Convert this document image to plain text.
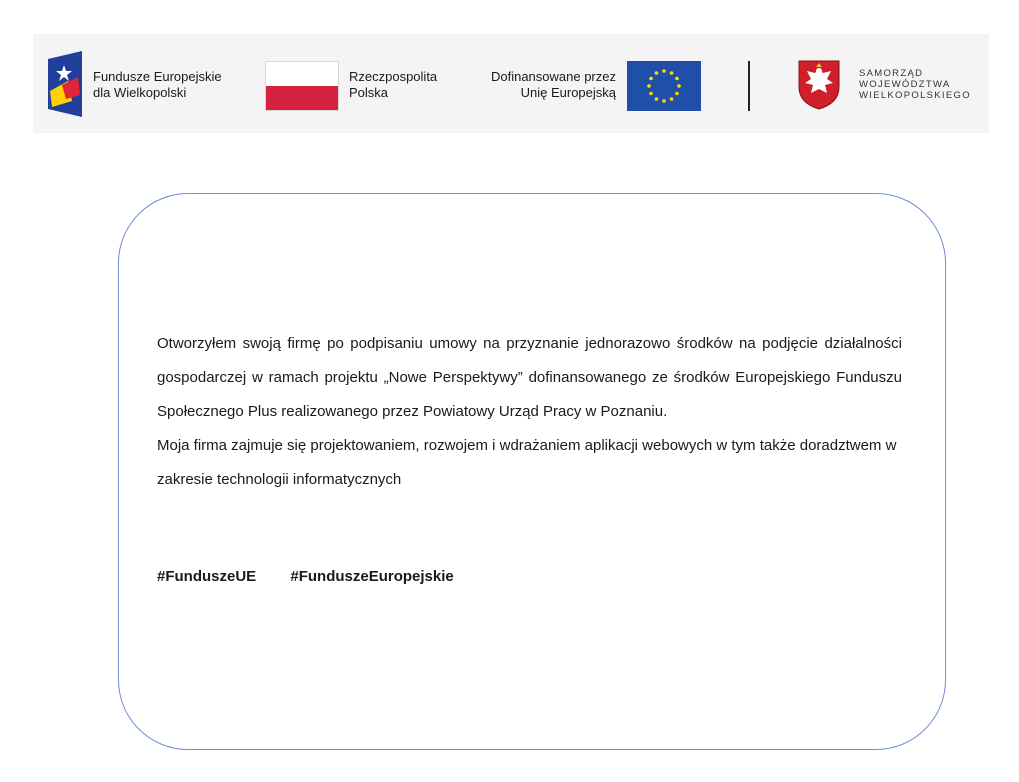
Fundusze Europejskie
dla Wielkopolski
Rzeczpospolita
Polska
Dofinansowane przez
Unię Europejską
SAMORZĄD
WOJEWÓDZTWA
WIELKOPOLSKIEGO

Otworzyłem swoją firmę po podpisaniu umowy na przyznanie jednorazowo środków na podjęcie działalności gospodarczej w ramach projektu „Nowe Perspektywy” dofinansowanego ze środków Europejskiego Funduszu Społecznego Plus realizowanego przez Powiatowy Urząd Pracy w Poznaniu.

Moja firma zajmuje się projektowaniem, rozwojem i wdrażaniem aplikacji webowych w tym także doradztwem w zakresie technologii informatycznych

#FunduszeUE #FunduszeEuropejskie
